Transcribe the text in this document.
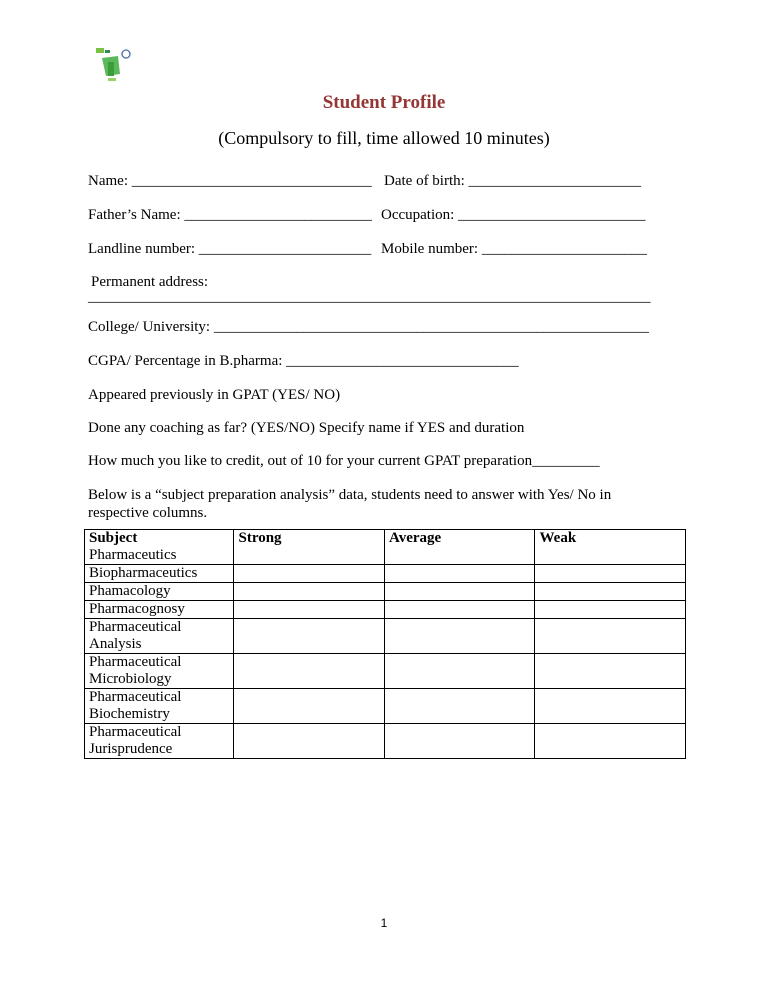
Student Profile
(Compulsory to fill, time allowed 10 minutes)
Name: ________________________________ Date of birth: _______________________
Father’s Name: _________________________ Occupation: _________________________
Landline number: _______________________ Mobile number: ______________________
Permanent address:
___________________________________________________________________________
College/ University: __________________________________________________________
CGPA/ Percentage in B.pharma: _______________________________
Appeared previously in GPAT (YES/ NO)
Done any coaching as far? (YES/NO) Specify name if YES and duration
How much you like to credit, out of 10 for your current GPAT preparation_________
Below is a “subject preparation analysis” data, students need to answer with Yes/ No in
respective columns.
Subject	Strong	Average	Weak
Pharmaceutics			
Biopharmaceutics			
Phamacology			
Pharmacognosy			
Pharmaceutical Analysis			
Pharmaceutical Microbiology			
Pharmaceutical Biochemistry			
Pharmaceutical Jurisprudence			
1
